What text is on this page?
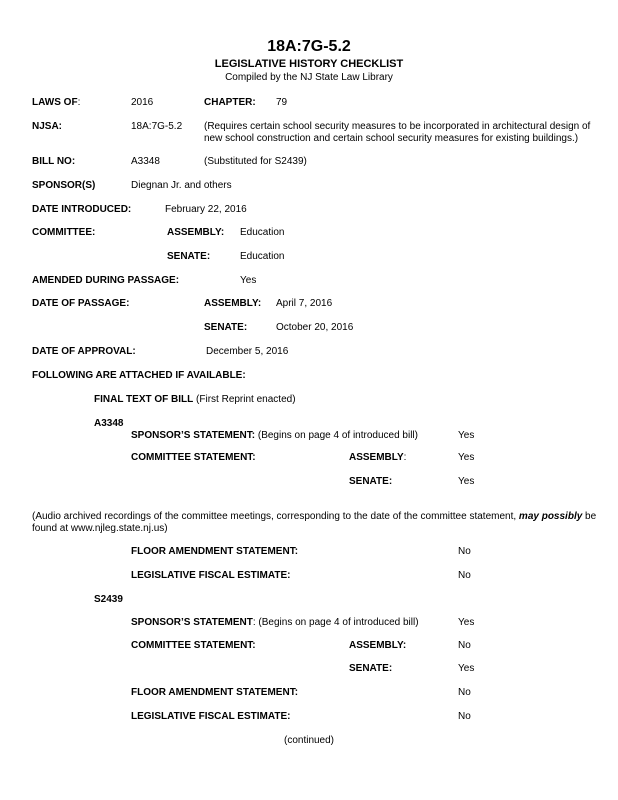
18A:7G-5.2
LEGISLATIVE HISTORY CHECKLIST
Compiled by the NJ State Law Library
LAWS OF:	2016	CHAPTER: 79
NJSA:	18A:7G-5.2 (Requires certain school security measures to be incorporated in architectural design of new school construction and certain school security measures for existing buildings.)
BILL NO:	A3348	(Substituted for S2439)
SPONSOR(S)	Diegnan Jr. and others
DATE INTRODUCED:	February 22, 2016
COMMITTEE:	ASSEMBLY: Education
SENATE:	Education
AMENDED DURING PASSAGE:	Yes
DATE OF PASSAGE:	ASSEMBLY: April 7, 2016
SENATE:	October 20, 2016
DATE OF APPROVAL:	December 5, 2016
FOLLOWING ARE ATTACHED IF AVAILABLE:
FINAL TEXT OF BILL (First Reprint enacted)
A3348
SPONSOR’S STATEMENT: (Begins on page 4 of introduced bill)	Yes
COMMITTEE STATEMENT:	ASSEMBLY:	Yes
SENATE:	Yes
(Audio archived recordings of the committee meetings, corresponding to the date of the committee statement, may possibly be found at www.njleg.state.nj.us)
FLOOR AMENDMENT STATEMENT:	No
LEGISLATIVE FISCAL ESTIMATE:	No
S2439
SPONSOR’S STATEMENT: (Begins on page 4 of introduced bill)	Yes
COMMITTEE STATEMENT:	ASSEMBLY:	No
SENATE:	Yes
FLOOR AMENDMENT STATEMENT:	No
LEGISLATIVE FISCAL ESTIMATE:	No
(continued)
